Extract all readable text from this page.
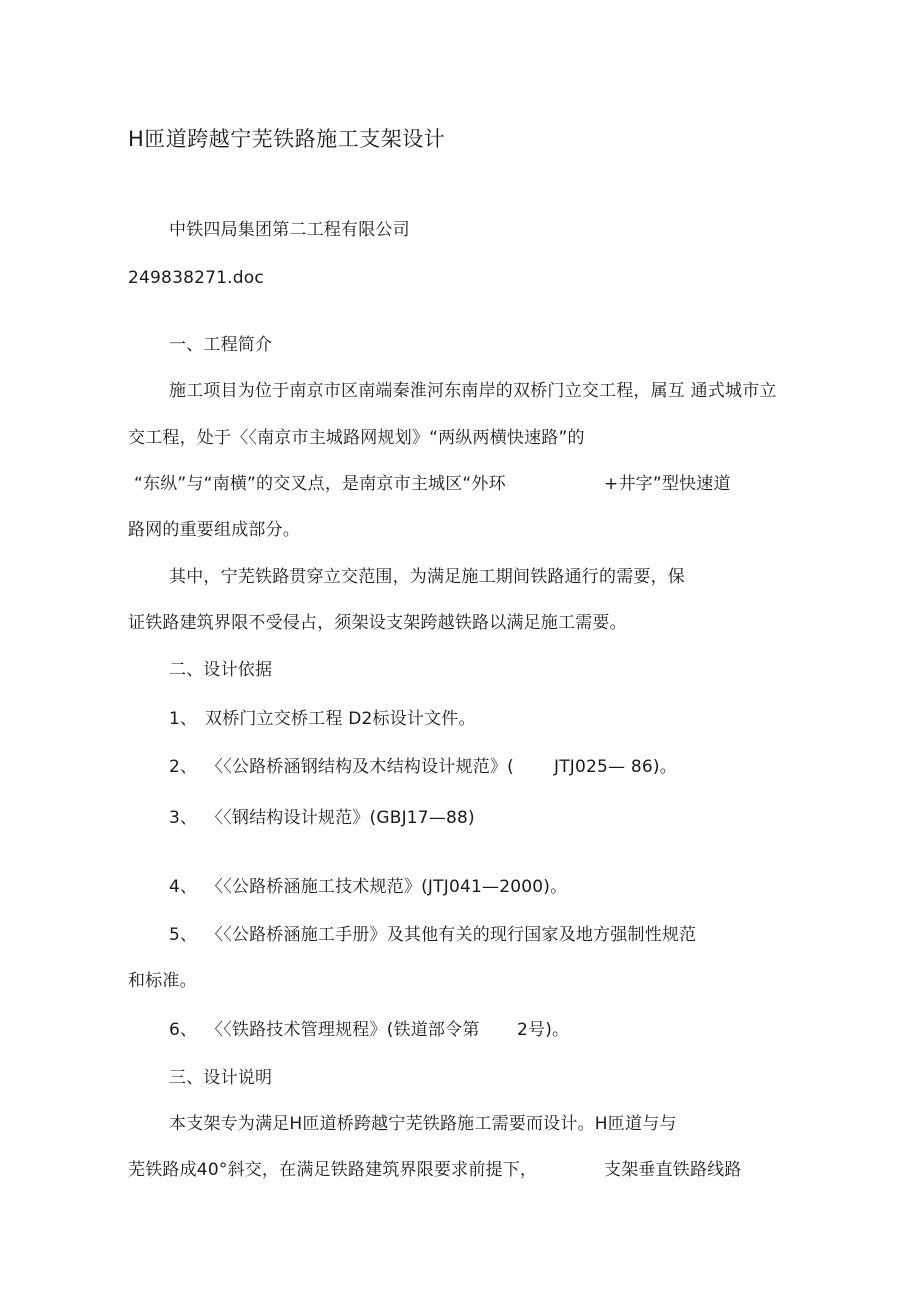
H匝道跨越宁芜铁路施工支架设计
中铁四局集团第二工程有限公司
249838271.doc
一、工程简介
施工项目为位于南京市区南端秦淮河东南岸的双桥门立交工程，属互 通式城市立
交工程，处于〈〈南京市主城路网规划》“两纵两横快速路”的
“东纵”与“南横”的交叉点，是南京市主城区“外环	+井字”型快速道
路网的重要组成部分。
其中，宁芜铁路贯穿立交范围，为满足施工期间铁路通行的需要，保
证铁路建筑界限不受侵占，须架设支架跨越铁路以满足施工需要。
二、设计依据
1、 双桥门立交桥工程 D2标设计文件。
2、 〈〈公路桥涵钢结构及木结构设计规范》( JTJ025— 86)。
3、 〈〈钢结构设计规范》(GBJ17—88)
4、 〈〈公路桥涵施工技术规范》(JTJ041—2000)。
5、 〈〈公路桥涵施工手册》及其他有关的现行国家及地方强制性规范
和标准。
6、 〈〈铁路技术管理规程》(铁道部令第 2号)。
三、设计说明
本支架专为满足H匝道桥跨越宁芜铁路施工需要而设计。H匝道与与
芜铁路成40°斜交，在满足铁路建筑界限要求前提下，	支架垂直铁路线路
